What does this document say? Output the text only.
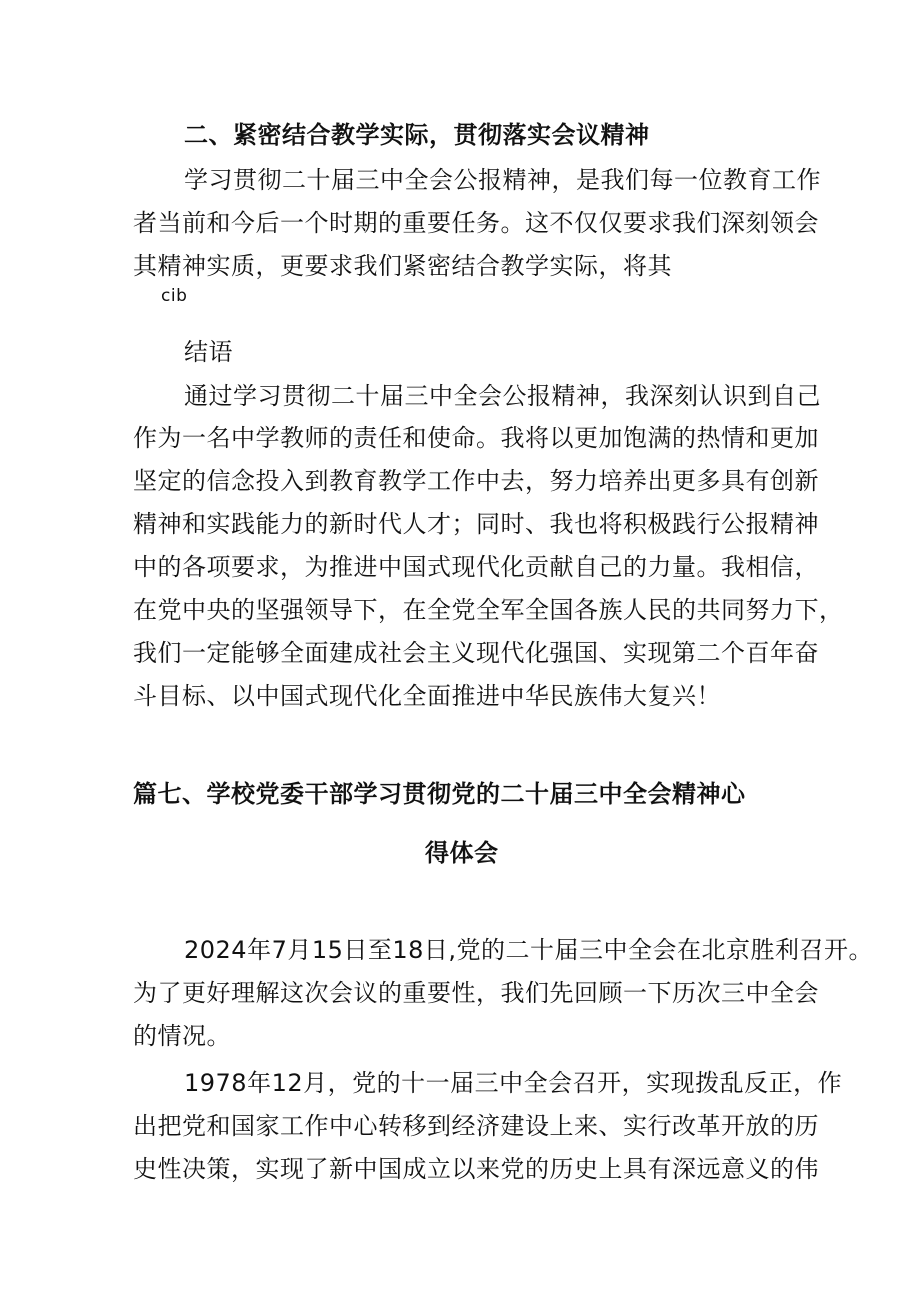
二、紧密结合教学实际，贯彻落实会议精神
学习贯彻二十届三中全会公报精神，是我们每一位教育工作
者当前和今后一个时期的重要任务。这不仅仅要求我们深刻领会
其精神实质，更要求我们紧密结合教学实际，将其
cib
结语
通过学习贯彻二十届三中全会公报精神，我深刻认识到自己
作为一名中学教师的责任和使命。我将以更加饱满的热情和更加
坚定的信念投入到教育教学工作中去，努力培养出更多具有创新
精神和实践能力的新时代人才；同时、我也将积极践行公报精神
中的各项要求，为推进中国式现代化贡献自己的力量。我相信，
在党中央的坚强领导下，在全党全军全国各族人民的共同努力下，
我们一定能够全面建成社会主义现代化强国、实现第二个百年奋
斗目标、以中国式现代化全面推进中华民族伟大复兴！
篇七、学校党委干部学习贯彻党的二十届三中全会精神心
得体会
2024年7月15日至18日,党的二十届三中全会在北京胜利召开。
为了更好理解这次会议的重要性，我们先回顾一下历次三中全会
的情况。
1978年12月，党的十一届三中全会召开，实现拨乱反正，作
出把党和国家工作中心转移到经济建设上来、实行改革开放的历
史性决策，实现了新中国成立以来党的历史上具有深远意义的伟
